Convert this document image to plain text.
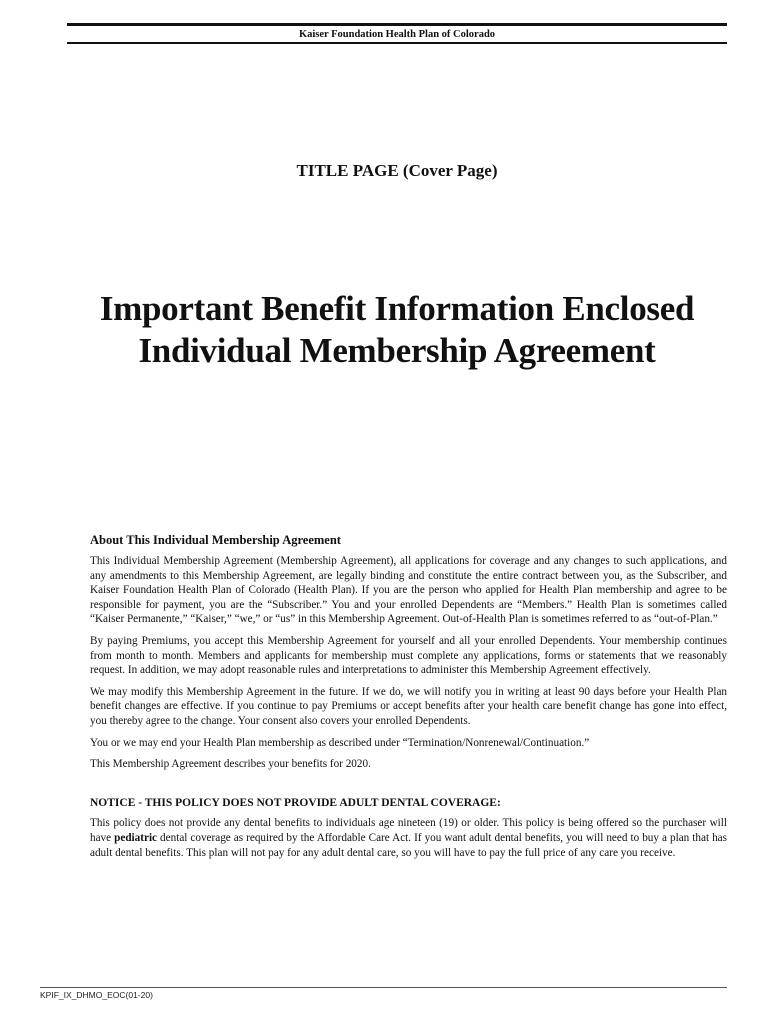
Kaiser Foundation Health Plan of Colorado
TITLE PAGE (Cover Page)
Important Benefit Information Enclosed
Individual Membership Agreement
About This Individual Membership Agreement

This Individual Membership Agreement (Membership Agreement), all applications for coverage and any changes to such applications, and any amendments to this Membership Agreement, are legally binding and constitute the entire contract between you, as the Subscriber, and Kaiser Foundation Health Plan of Colorado (Health Plan). If you are the person who applied for Health Plan membership and agree to be responsible for payment, you are the “Subscriber.” You and your enrolled Dependents are “Members.” Health Plan is sometimes called “Kaiser Permanente,” “Kaiser,” “we,” or “us” in this Membership Agreement. Out-of-Health Plan is sometimes referred to as “out-of-Plan.”

By paying Premiums, you accept this Membership Agreement for yourself and all your enrolled Dependents. Your membership continues from month to month. Members and applicants for membership must complete any applications, forms or statements that we reasonably request. In addition, we may adopt reasonable rules and interpretations to administer this Membership Agreement effectively.

We may modify this Membership Agreement in the future. If we do, we will notify you in writing at least 90 days before your Health Plan benefit changes are effective. If you continue to pay Premiums or accept benefits after your health care benefit change has gone into effect, you thereby agree to the change. Your consent also covers your enrolled Dependents.

You or we may end your Health Plan membership as described under “Termination/Nonrenewal/Continuation.”

This Membership Agreement describes your benefits for 2020.

NOTICE - THIS POLICY DOES NOT PROVIDE ADULT DENTAL COVERAGE:

This policy does not provide any dental benefits to individuals age nineteen (19) or older. This policy is being offered so the purchaser will have pediatric dental coverage as required by the Affordable Care Act. If you want adult dental benefits, you will need to buy a plan that has adult dental benefits. This plan will not pay for any adult dental care, so you will have to pay the full price of any care you receive.

KPIF_IX_DHMO_EOC(01-20)
